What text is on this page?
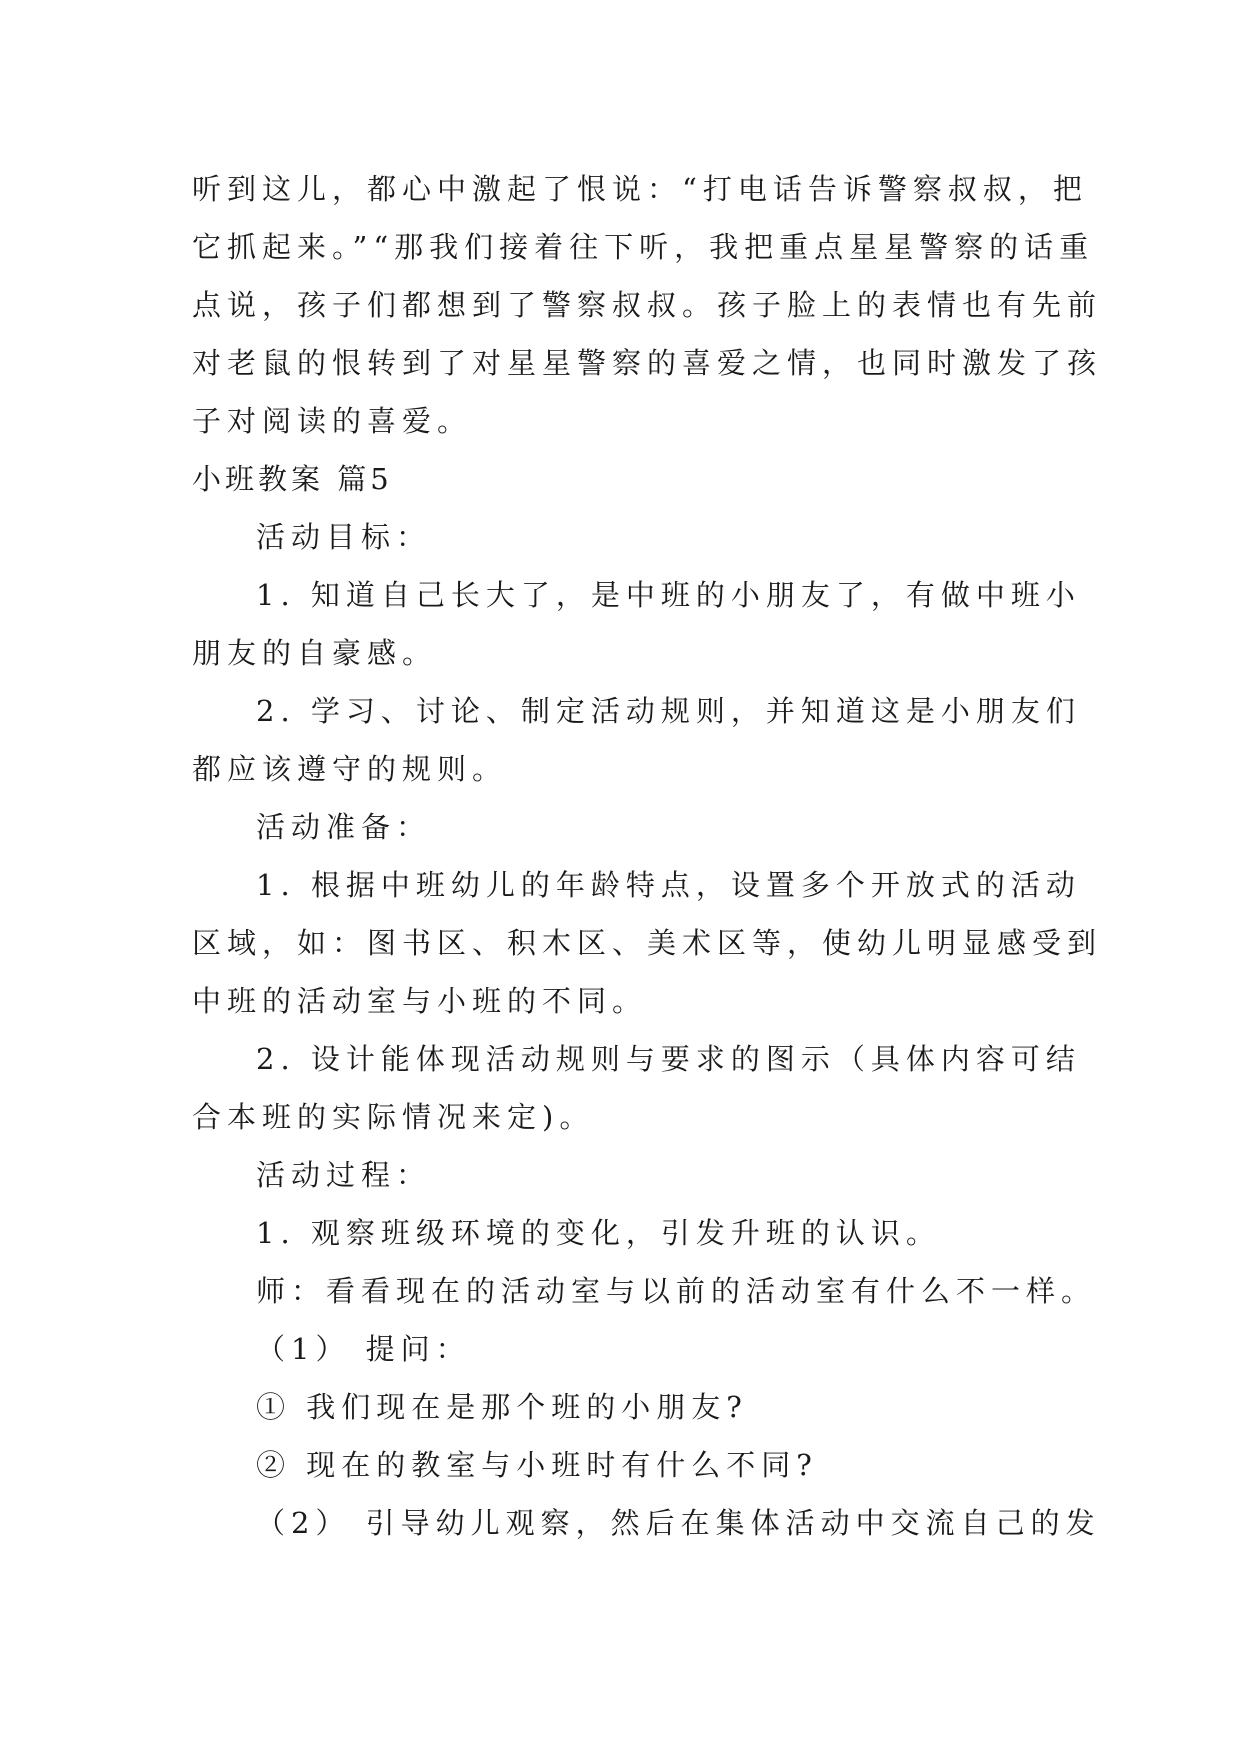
听到这儿，都心中激起了恨说：“打电话告诉警察叔叔，把
它抓起来。”“那我们接着往下听，我把重点星星警察的话重
点说，孩子们都想到了警察叔叔。孩子脸上的表情也有先前
对老鼠的恨转到了对星星警察的喜爱之情，也同时激发了孩
子对阅读的喜爱。
小班教案 篇5
活动目标：
1. 知道自己长大了，是中班的小朋友了，有做中班小
朋友的自豪感。
2. 学习、讨论、制定活动规则，并知道这是小朋友们
都应该遵守的规则。
活动准备：
1. 根据中班幼儿的年龄特点，设置多个开放式的活动
区域，如：图书区、积木区、美术区等，使幼儿明显感受到
中班的活动室与小班的不同。
2. 设计能体现活动规则与要求的图示（具体内容可结
合本班的实际情况来定)。
活动过程：
1. 观察班级环境的变化，引发升班的认识。
师：看看现在的活动室与以前的活动室有什么不一样。
（1） 提问：
① 我们现在是那个班的小朋友?
② 现在的教室与小班时有什么不同?
（2） 引导幼儿观察，然后在集体活动中交流自己的发
